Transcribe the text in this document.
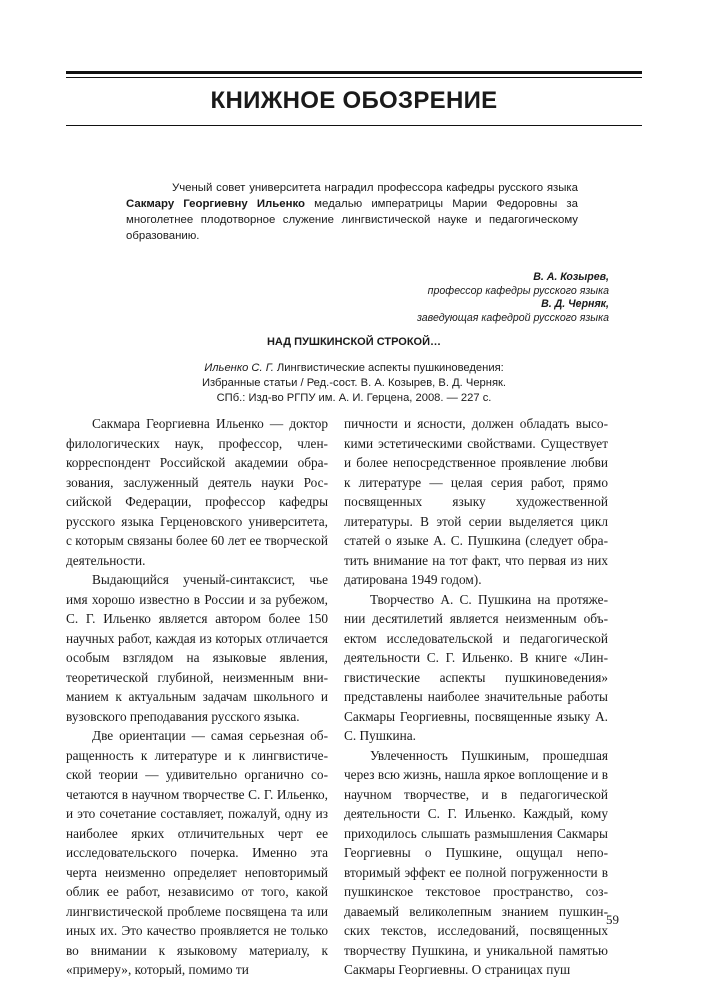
КНИЖНОЕ ОБОЗРЕНИЕ

Ученый совет университета наградил профессора кафедры русского языка Сакмару Георгиевну Ильенко медалью императрицы Марии Федоровны за многолетнее плодотворное служение лингвистической науке и педагогическому образованию.

В. А. Козырев,
профессор кафедры русского языка
В. Д. Черняк,
заведующая кафедрой русского языка
НАД ПУШКИНСКОЙ СТРОКОЙ…
Ильенко С. Г. Лингвистические аспекты пушкиноведения:
Избранные статьи / Ред.-сост. В. А. Козырев, В. Д. Черняк.
СПб.: Изд-во РГПУ им. А. И. Герцена, 2008. — 227 с.

Сакмара Георгиевна Ильенко — доктор филологических наук, профессор, член-корреспондент Российской академии образования, заслуженный деятель науки Российской Федерации, профессор кафедры русского языка Герценовского университета, с которым связаны более 60 лет ее творческой деятельности.

Выдающийся ученый-синтаксист, чье имя хорошо известно в России и за рубежом, С. Г. Ильенко является автором более 150 научных работ, каждая из которых отличается особым взглядом на языковые явления, теоретической глубиной, неизменным вниманием к актуальным задачам школьного и вузовского преподавания русского языка.

Две ориентации — самая серьезная обращенность к литературе и к лингвистической теории — удивительно органично сочетаются в научном творчестве С. Г. Ильенко, и это сочетание составляет, пожалуй, одну из наиболее ярких отличительных черт ее исследовательского почерка. Именно эта черта неизменно определяет неповторимый облик ее работ, независимо от того, какой лингвистической проблеме посвящена та или иных их. Это качество проявляется не только во внимании к языковому материалу, к «примеру», который, помимо ти

пичности и ясности, должен обладать высокими эстетическими свойствами. Существует и более непосредственное проявление любви к литературе — целая серия работ, прямо посвященных языку художественной литературы. В этой серии выделяется цикл статей о языке А. С. Пушкина (следует обратить внимание на тот факт, что первая из них датирована 1949 годом).

Творчество А. С. Пушкина на протяжении десятилетий является неизменным объектом исследовательской и педагогической деятельности С. Г. Ильенко. В книге «Лингвистические аспекты пушкиноведения» представлены наиболее значительные работы Сакмары Георгиевны, посвященные языку А. С. Пушкина.

Увлеченность Пушкиным, прошедшая через всю жизнь, нашла яркое воплощение и в научном творчестве, и в педагогической деятельности С. Г. Ильенко. Каждый, кому приходилось слышать размышления Сакмары Георгиевны о Пушкине, ощущал неповторимый эффект ее полной погруженности в пушкинское текстовое пространство, создаваемый великолепным знанием пушкинских текстов, исследований, посвященных творчеству Пушкина, и уникальной памятью Сакмары Георгиевны. О страницах пуш

59
